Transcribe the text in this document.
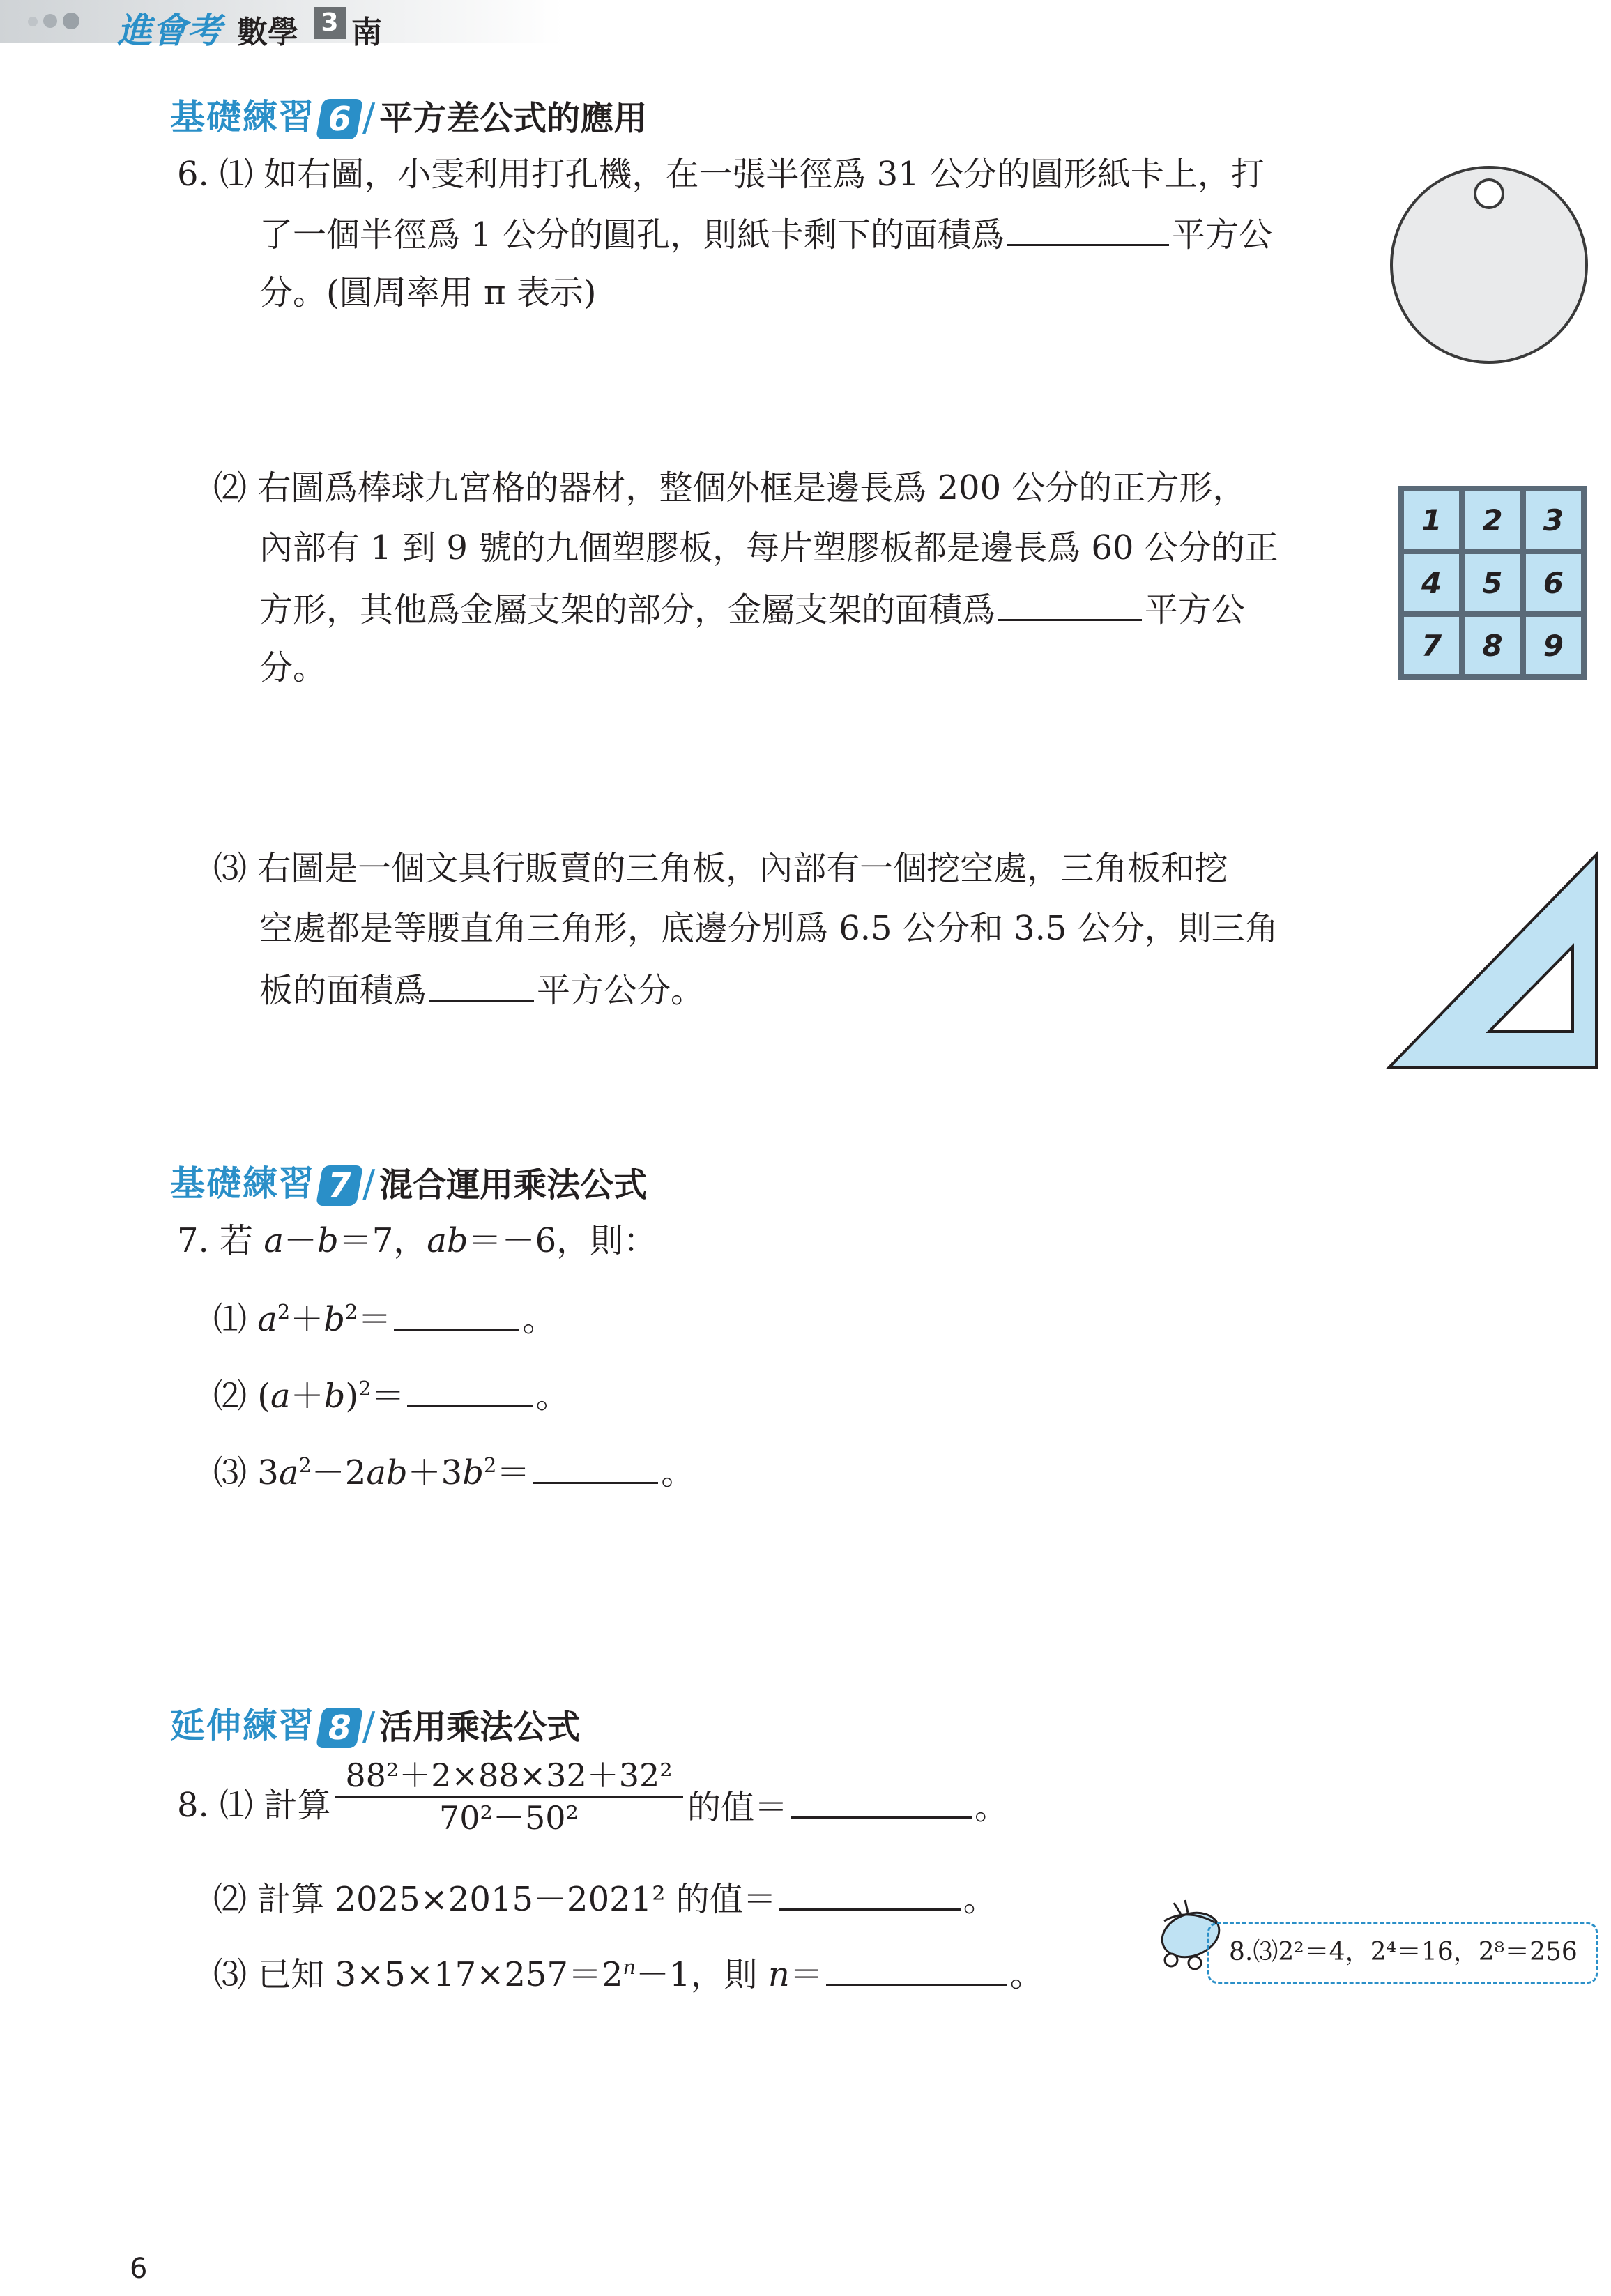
進會考 數學 3 南
基礎練習 6 / 平方差公式的應用
6. ⑴ 如右圖，小雯利用打孔機，在一張半徑爲 31 公分的圓形紙卡上，打
了一個半徑爲 1 公分的圓孔，則紙卡剩下的面積爲	平方公
分。(圓周率用 π 表示)
⑵ 右圖爲棒球九宮格的器材，整個外框是邊長爲 200 公分的正方形，
內部有 1 到 9 號的九個塑膠板，每片塑膠板都是邊長爲 60 公分的正
方形，其他爲金屬支架的部分，金屬支架的面積爲	平方公
分。
1	2	3
4	5	6
7	8	9
⑶ 右圖是一個文具行販賣的三角板，內部有一個挖空處，三角板和挖
空處都是等腰直角三角形，底邊分別爲 6.5 公分和 3.5 公分，則三角
板的面積爲	平方公分。
基礎練習 7 / 混合運用乘法公式
7. 若 a－b＝7，ab＝－6，則：
⑴ $a^2+b^2=$	。
⑵ $(a+b)^2=$	。
⑶ $3a^2-2ab+3b^2=$	。
延伸練習 8 / 活用乘法公式
8. ⑴ 計算
88²＋2×88×32＋32²
70²－50²	的值＝	。
⑵ 計算 2025×2015－2021² 的值＝	。
⑶ 已知 $3\times 5\times 17\times 257=2^n-1$，則 n＝	。
8.⑶2²＝4，2⁴＝16，2⁸＝256
6
